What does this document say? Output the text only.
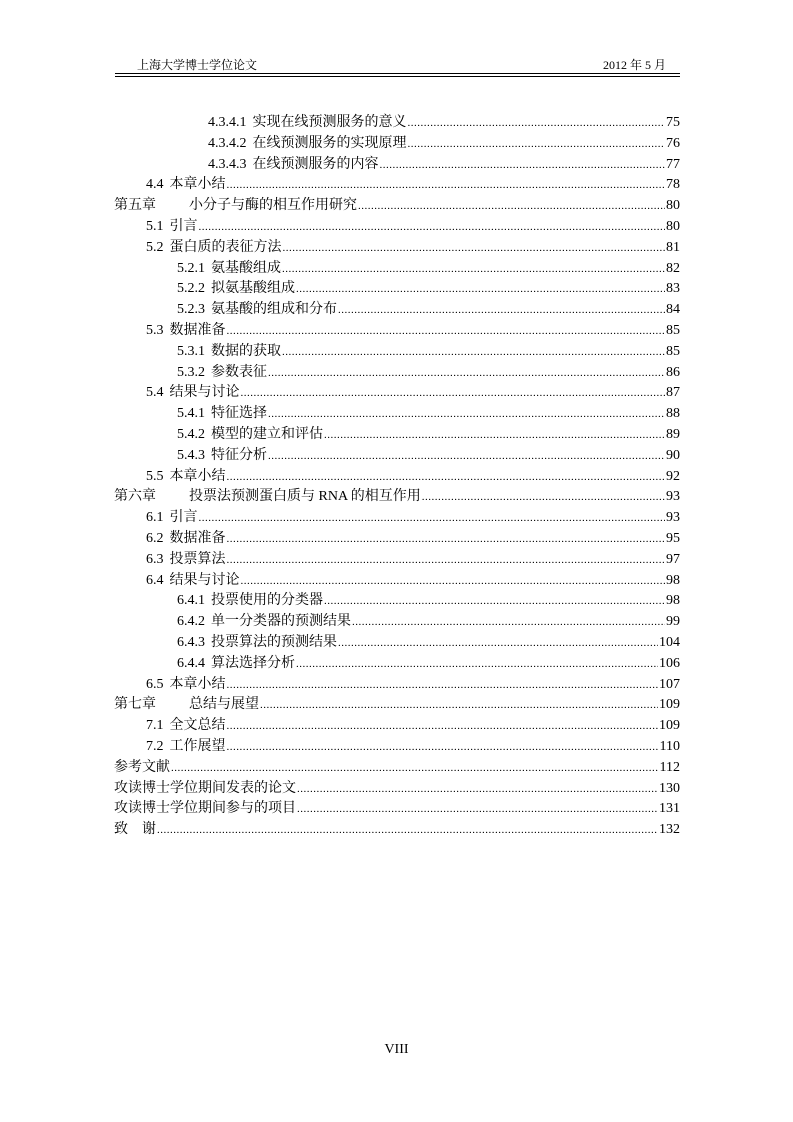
上海大学博士学位论文	2012 年 5 月
4.3.4.1 实现在线预测服务的意义 .....	75
4.3.4.2 在线预测服务的实现原理 .....	76
4.3.4.3 在线预测服务的内容 .....	77
4.4 本章小结 .....	78
第五章 小分子与酶的相互作用研究 .....	80
5.1 引言 .....	80
5.2 蛋白质的表征方法 .....	81
5.2.1 氨基酸组成 .....	82
5.2.2 拟氨基酸组成 .....	83
5.2.3 氨基酸的组成和分布 .....	84
5.3 数据准备 .....	85
5.3.1 数据的获取 .....	85
5.3.2 参数表征 .....	86
5.4 结果与讨论 .....	87
5.4.1 特征选择 .....	88
5.4.2 模型的建立和评估 .....	89
5.4.3 特征分析 .....	90
5.5 本章小结 .....	92
第六章 投票法预测蛋白质与 RNA 的相互作用 .....	93
6.1 引言 .....	93
6.2 数据准备 .....	95
6.3 投票算法 .....	97
6.4 结果与讨论 .....	98
6.4.1 投票使用的分类器 .....	98
6.4.2 单一分类器的预测结果 .....	99
6.4.3 投票算法的预测结果 .....	104
6.4.4 算法选择分析 .....	106
6.5 本章小结 .....	107
第七章 总结与展望 .....	109
7.1 全文总结 .....	109
7.2 工作展望 .....	110
参考文献 .....	112
攻读博士学位期间发表的论文 .....	130
攻读博士学位期间参与的项目 .....	131
致　谢 .....	132
VIII
